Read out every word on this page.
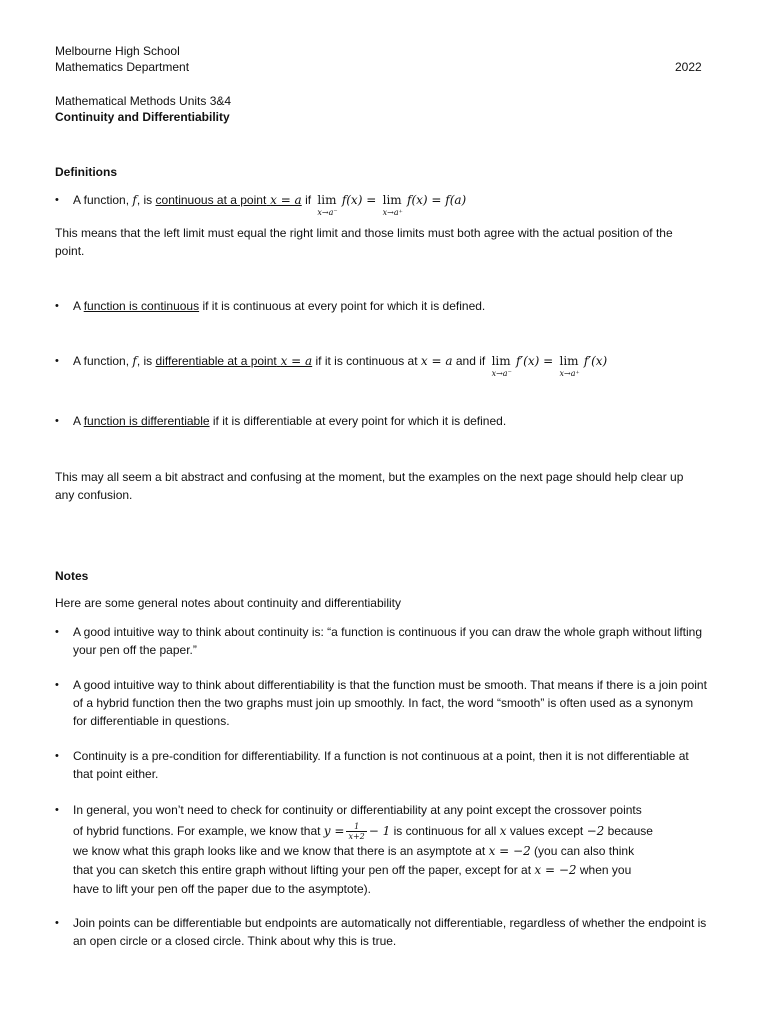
Melbourne High School
Mathematics Department	2022
Mathematical Methods Units 3&4
Continuity and Differentiability
Definitions
• A function, f, is continuous at a point x = a if lim
x→a⁻
f(x) = lim
x→a⁺
f(x) = f(a)
This means that the left limit must equal the right limit and those limits must both agree with the actual position of the point.
• A function is continuous if it is continuous at every point for which it is defined.
• A function, f, is differentiable at a point x = a if it is continuous at x = a and if lim
x→a⁻
f′(x) = lim
x→a⁺
f′(x)
• A function is differentiable if it is differentiable at every point for which it is defined.
This may all seem a bit abstract and confusing at the moment, but the examples on the next page should help clear up any confusion.
Notes
Here are some general notes about continuity and differentiability
• A good intuitive way to think about continuity is: “a function is continuous if you can draw the whole graph without lifting your pen off the paper.”
• A good intuitive way to think about differentiability is that the function must be smooth. That means if there is a join point of a hybrid function then the two graphs must join up smoothly. In fact, the word “smooth” is often used as a synonym for differentiable in questions.
• Continuity is a pre-condition for differentiability. If a function is not continuous at a point, then it is not differentiable at that point either.
• In general, you won’t need to check for continuity or differentiability at any point except the crossover points
of hybrid functions. For example, we know that $y = \frac{1}{x+2} - 1$ is continuous for all x values except −2 because
we know what this graph looks like and we know that there is an asymptote at x = −2 (you can also think
that you can sketch this entire graph without lifting your pen off the paper, except for at x = −2 when you
have to lift your pen off the paper due to the asymptote).
• Join points can be differentiable but endpoints are automatically not differentiable, regardless of whether the endpoint is an open circle or a closed circle. Think about why this is true.
